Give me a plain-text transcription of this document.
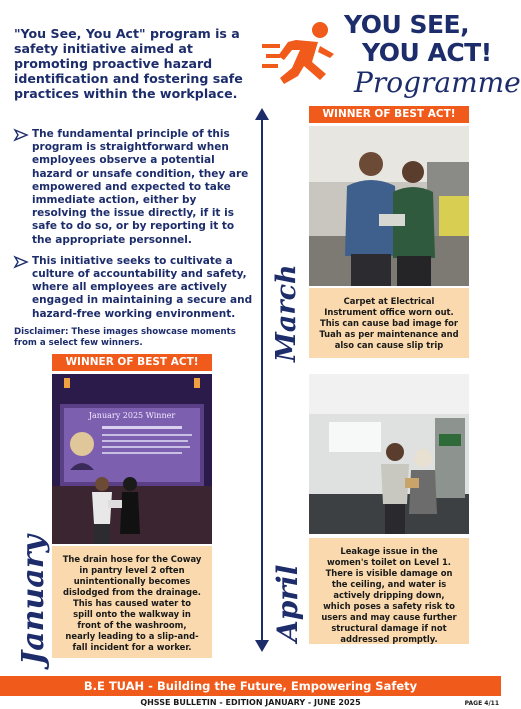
"You See, You Act" program is a safety initiative aimed at promoting proactive hazard identification and fostering safe practices within the workplace.
YOU SEE,
YOU ACT!
Programme
The fundamental principle of this program is straightforward when employees observe a potential hazard or unsafe condition, they are empowered and expected to take immediate action, either by resolving the issue directly, if it is safe to do so, or by reporting it to the appropriate personnel.
This initiative seeks to cultivate a culture of accountability and safety, where all employees are actively engaged in maintaining a secure and hazard-free working environment.
Disclaimer: These images showcase moments from a select few winners.
WINNER OF BEST ACT!
Carpet at Electrical Instrument office worn out. This can cause bad image for Tuah as per maintenance and also can cause slip trip
March
WINNER OF BEST ACT!
January 2025 Winner
The drain hose for the Coway in pantry level 2 often unintentionally becomes dislodged from the drainage. This has caused water to spill onto the walkway in front of the washroom, nearly leading to a slip-and-fall incident for a worker.
January	Leakage issue in the women's toilet on Level 1. There is visible damage on the ceiling, and water is actively dripping down, which poses a safety risk to users and may cause further structural damage if not addressed promptly.
April
B.E TUAH - Building the Future, Empowering Safety
QHSSE BULLETIN - EDITION JANUARY - JUNE 2025	PAGE 4/11
